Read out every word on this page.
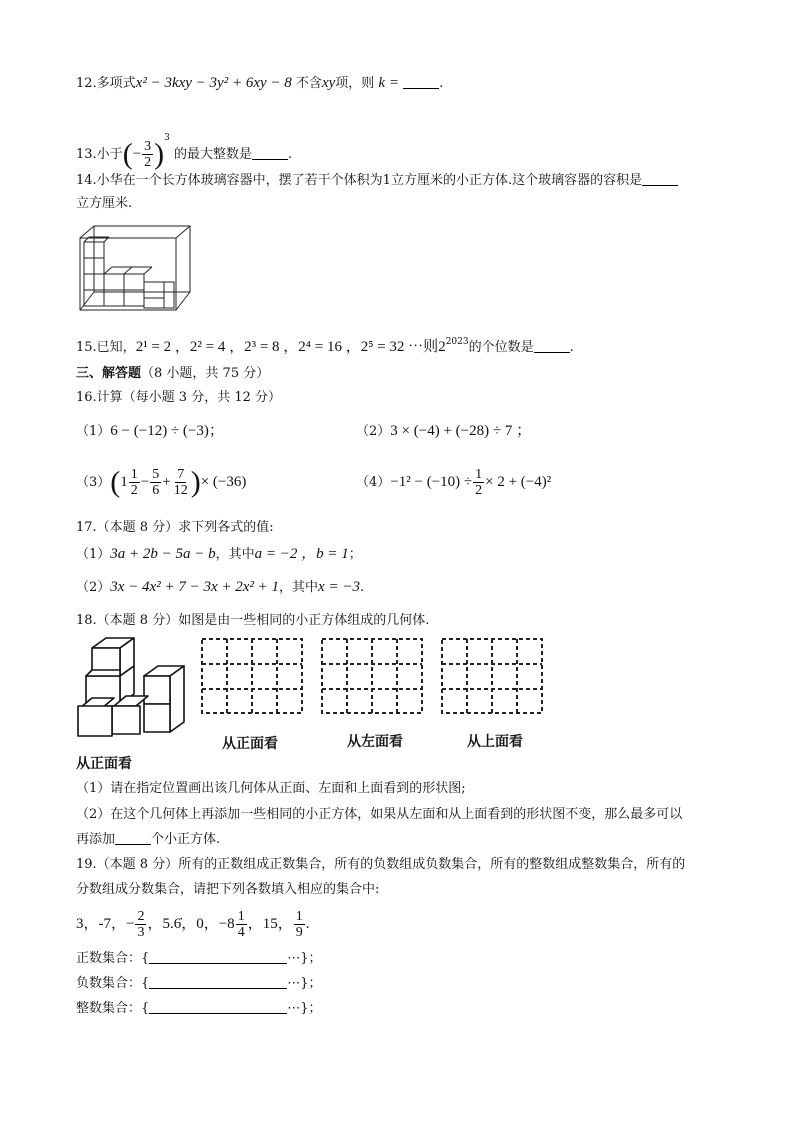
12.多项式x² − 3kxy − 3y² + 6xy − 8 不含xy项，则 k =	.
13.小于(− $\frac{3}{2} )^3$ 的最大整数是	.
14.小华在一个长方体玻璃容器中，摆了若干个体积为1立方厘米的小正方体.这个玻璃容器的容积是
立方厘米.
15.已知，2¹ = 2 ，2² = 4 ，2³ = 8 ，2⁴ = 16 ，2⁵ = 32 ⋯则$2^{2023}$的个位数是	.
三、解答题（8 小题，共 75 分）
16.计算（每小题 3 分，共 12 分）
（1）6 − (−12) ÷ (−3)；	（2）3 × (−4) + (−28) ÷ 7 ；
$(3)(1 \frac{1}{2} - \frac{5}{6} + \frac{7}{12}$ )× (−36)	$(4)-1^2 - (-10) \div \frac{1}{2} \times 2 + (-4)^2$
17.（本题 8 分）求下列各式的值:
（1）3a + 2b − 5a − b，其中a = −2 ，b = 1；
（2）3x − 4x² + 7 − 3x + 2x² + 1，其中x = −3.
18.（本题 8 分）如图是由一些相同的小正方体组成的几何体.
从正面看
从正面看	从左面看	从上面看
（1）请在指定位置画出该几何体从正面、左面和上面看到的形状图;
（2）在这个几何体上再添加一些相同的小正方体，如果从左面和从上面看到的形状图不变，那么最多可以
再添加	个小正方体.
19.（本题 8 分）所有的正数组成正数集合，所有的负数组成负数集合，所有的整数组成整数集合，所有的
分数组成分数集合，请把下列各数填入相应的集合中:
3，-7，− $\frac{2}{3}$ ，5.6̇，0，$-8 \frac{1}{4}$ ，15， $\frac{1}{9}$ .
正数集合：{	⋯}；
负数集合：{	⋯}；
整数集合：{	⋯}；
